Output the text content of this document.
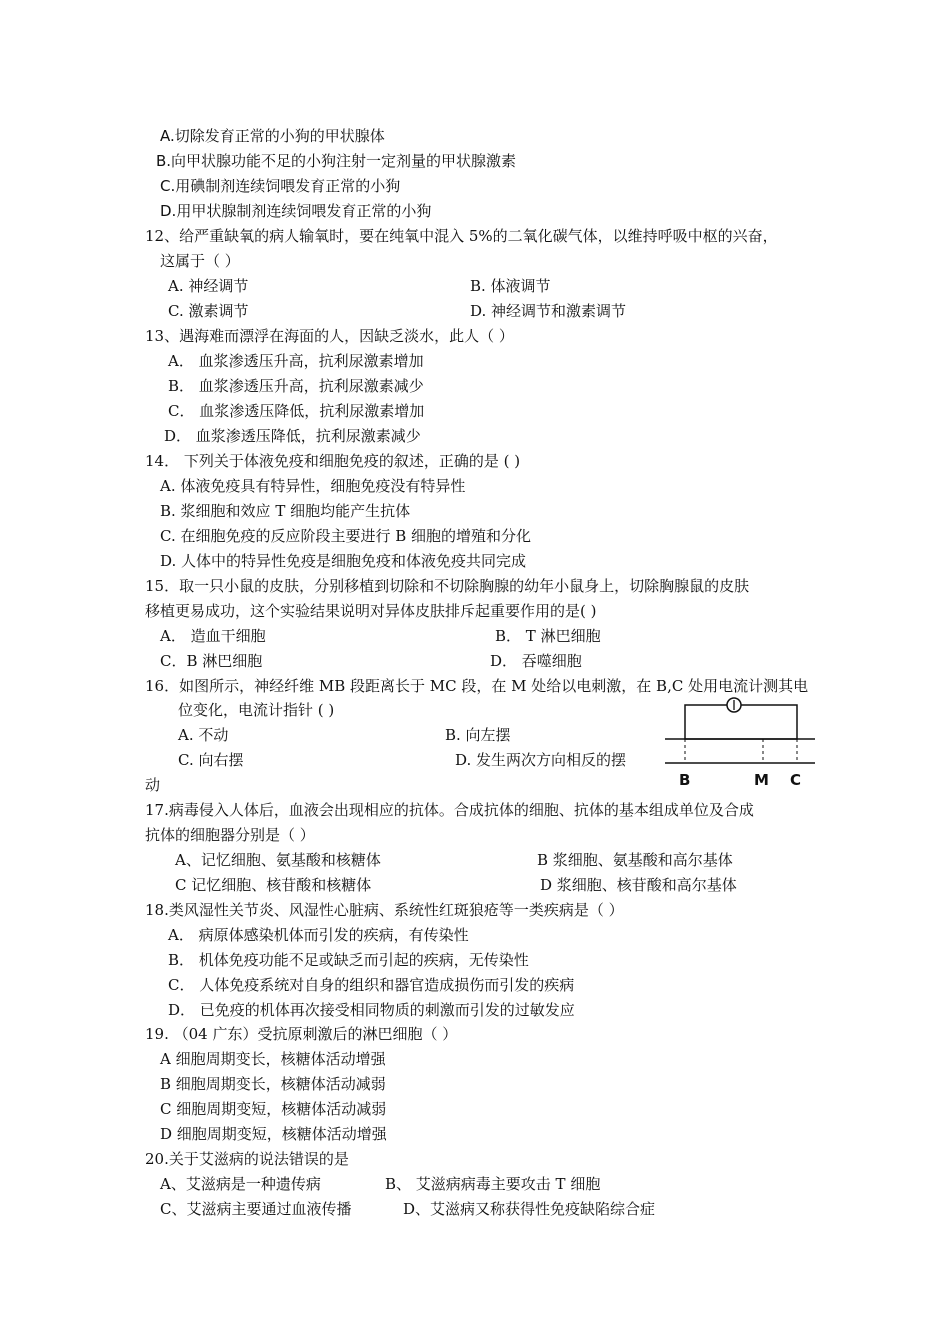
A.切除发育正常的小狗的甲状腺体
B.向甲状腺功能不足的小狗注射一定剂量的甲状腺激素
C.用碘制剂连续饲喂发育正常的小狗
D.用甲状腺制剂连续饲喂发育正常的小狗
12、给严重缺氧的病人输氧时，要在纯氧中混入 5%的二氧化碳气体，以维持呼吸中枢的兴奋，
这属于（ ）
A. 神经调节	B. 体液调节
C. 激素调节	D. 神经调节和激素调节
13、遇海难而漂浮在海面的人，因缺乏淡水，此人（ ）
A． 血浆渗透压升高，抗利尿激素增加
B． 血浆渗透压升高，抗利尿激素减少
C． 血浆渗透压降低，抗利尿激素增加
D． 血浆渗透压降低，抗利尿激素减少
14． 下列关于体液免疫和细胞免疫的叙述，正确的是 ( )
A. 体液免疫具有特异性，细胞免疫没有特异性
B. 浆细胞和效应 T 细胞均能产生抗体
C. 在细胞免疫的反应阶段主要进行 B 细胞的增殖和分化
D. 人体中的特异性免疫是细胞免疫和体液免疫共同完成
15．取一只小鼠的皮肤，分别移植到切除和不切除胸腺的幼年小鼠身上，切除胸腺鼠的皮肤
移植更易成功，这个实验结果说明对异体皮肤排斥起重要作用的是( )
A． 造血干细胞	B． T 淋巴细胞
C．B 淋巴细胞	D． 吞噬细胞
16．如图所示，神经纤维 MB 段距离长于 MC 段，在 M 处给以电刺激，在 B,C 处用电流计测其电
位变化，电流计指针 ( )
A. 不动	B. 向左摆
C. 向右摆	D. 发生两次方向相反的摆
动	B	M C
17.病毒侵入人体后，血液会出现相应的抗体。合成抗体的细胞、抗体的基本组成单位及合成
抗体的细胞器分别是（ ）
A、记忆细胞、氨基酸和核糖体	B 浆细胞、氨基酸和高尔基体
C 记忆细胞、核苷酸和核糖体	D 浆细胞、核苷酸和高尔基体
18.类风湿性关节炎、风湿性心脏病、系统性红斑狼疮等一类疾病是（ ）
A． 病原体感染机体而引发的疾病，有传染性
B． 机体免疫功能不足或缺乏而引起的疾病，无传染性
C． 人体免疫系统对自身的组织和器官造成损伤而引发的疾病
D． 已免疫的机体再次接受相同物质的刺激而引发的过敏发应
19. （04 广东）受抗原刺激后的淋巴细胞（ ）
A 细胞周期变长，核糖体活动增强
B 细胞周期变长，核糖体活动减弱
C 细胞周期变短，核糖体活动减弱
D 细胞周期变短，核糖体活动增强
20.关于艾滋病的说法错误的是
A、艾滋病是一种遗传病	B、 艾滋病病毒主要攻击 T 细胞
C、艾滋病主要通过血液传播	D、艾滋病又称获得性免疫缺陷综合症
